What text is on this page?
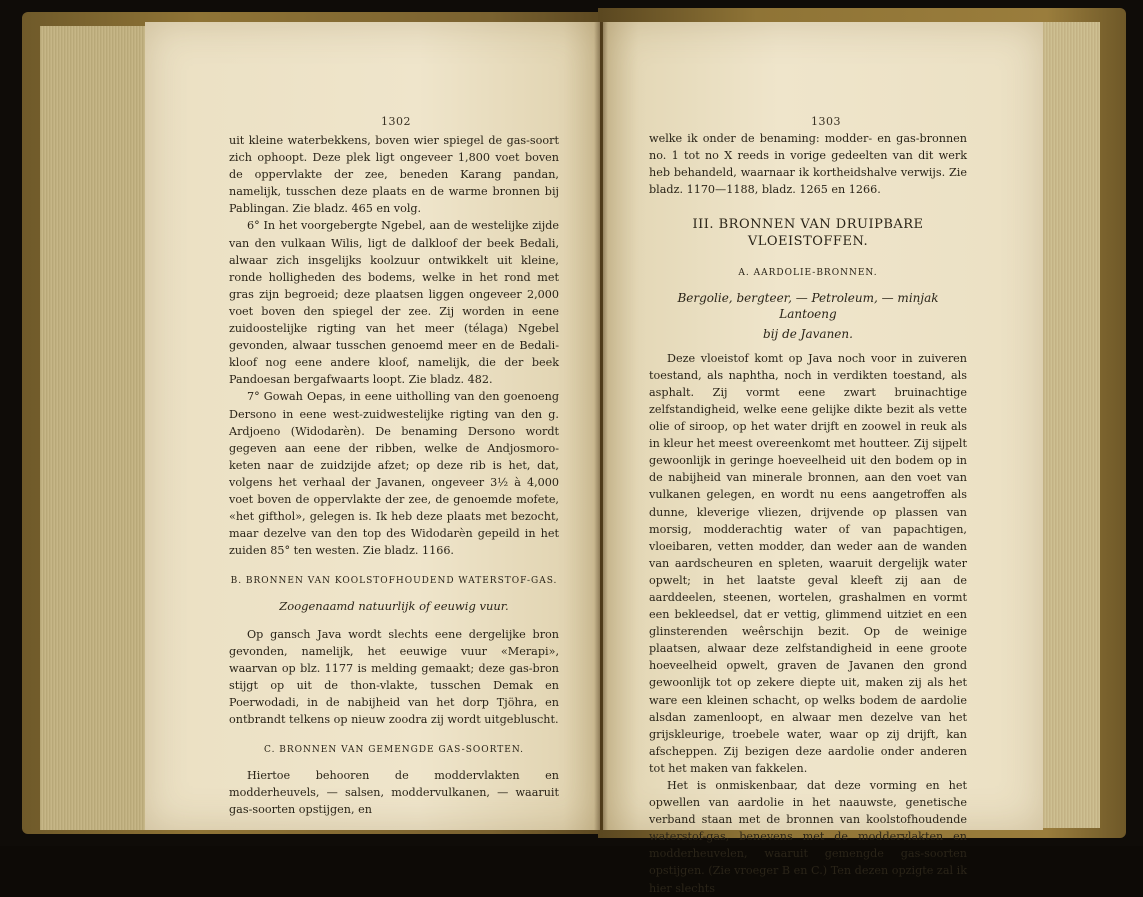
1302

uit kleine waterbekkens, boven wier spiegel de gas-soort zich ophoopt. Deze plek ligt ongeveer 1,800 voet boven de oppervlakte der zee, beneden Karang pandan, namelijk, tusschen deze plaats en de warme bronnen bij Pablingan. Zie bladz. 465 en volg.

6° In het voorgebergte Ngebel, aan de westelijke zijde van den vulkaan Wilis, ligt de dalkloof der beek Bedali, alwaar zich insgelijks koolzuur ontwikkelt uit kleine, ronde holligheden des bodems, welke in het rond met gras zijn begroeid; deze plaatsen liggen ongeveer 2,000 voet boven den spiegel der zee. Zij worden in eene zuidoostelijke rigting van het meer (télaga) Ngebel gevonden, alwaar tusschen genoemd meer en de Bedali-kloof nog eene andere kloof, namelijk, die der beek Pandoesan bergafwaarts loopt. Zie bladz. 482.

7° Gowah Oepas, in eene uitholling van den goenoeng Dersono in eene west-zuidwestelijke rigting van den g. Ardjoeno (Widodarèn). De benaming Dersono wordt gegeven aan eene der ribben, welke de Andjosmoro-keten naar de zuidzijde afzet; op deze rib is het, dat, volgens het verhaal der Javanen, ongeveer 3½ à 4,000 voet boven de oppervlakte der zee, de genoemde mofete, «het gifthol», gelegen is. Ik heb deze plaats met bezocht, maar dezelve van den top des Widodarèn gepeild in het zuiden 85° ten westen. Zie bladz. 1166.

B. BRONNEN VAN KOOLSTOFHOUDEND WATERSTOF-GAS.
Zoogenaamd natuurlijk of eeuwig vuur.

Op gansch Java wordt slechts eene dergelijke bron gevonden, namelijk, het eeuwige vuur «Merapi», waarvan op blz. 1177 is melding gemaakt; deze gas-bron stijgt op uit de thon-vlakte, tusschen Demak en Poerwodadi, in de nabijheid van het dorp Tjöhra, en ontbrandt telkens op nieuw zoodra zij wordt uitgebluscht.

C. BRONNEN VAN GEMENGDE GAS-SOORTEN.

Hiertoe behooren de moddervlakten en modderheuvels, — salsen, moddervulkanen, — waaruit gas-soorten opstijgen, en

1303

welke ik onder de benaming: modder- en gas-bronnen no. 1 tot no X reeds in vorige gedeelten van dit werk heb behandeld, waarnaar ik kortheidshalve verwijs. Zie bladz. 1170—1188, bladz. 1265 en 1266.

III. BRONNEN VAN DRUIPBARE VLOEISTOFFEN.
A. AARDOLIE-BRONNEN.
Bergolie, bergteer, — Petroleum, — minjak Lantoeng
bij de Javanen.

Deze vloeistof komt op Java noch voor in zuiveren toestand, als naphtha, noch in verdikten toestand, als asphalt. Zij vormt eene zwart bruinachtige zelfstandigheid, welke eene gelijke dikte bezit als vette olie of siroop, op het water drijft en zoowel in reuk als in kleur het meest overeenkomt met houtteer. Zij sijpelt gewoonlijk in geringe hoeveelheid uit den bodem op in de nabijheid van minerale bronnen, aan den voet van vulkanen gelegen, en wordt nu eens aangetroffen als dunne, kleverige vliezen, drijvende op plassen van morsig, modderachtig water of van papachtigen, vloeibaren, vetten modder, dan weder aan de wanden van aardscheuren en spleten, waaruit dergelijk water opwelt; in het laatste geval kleeft zij aan de aarddeelen, steenen, wortelen, grashalmen en vormt een bekleedsel, dat er vettig, glimmend uitziet en een glinsterenden weêrschijn bezit. Op de weinige plaatsen, alwaar deze zelfstandigheid in eene groote hoeveelheid opwelt, graven de Javanen den grond gewoonlijk tot op zekere diepte uit, maken zij als het ware een kleinen schacht, op welks bodem de aardolie alsdan zamenloopt, en alwaar men dezelve van het grijskleurige, troebele water, waar op zij drijft, kan afscheppen. Zij bezigen deze aardolie onder anderen tot het maken van fakkelen.

Het is onmiskenbaar, dat deze vorming en het opwellen van aardolie in het naauwste, genetische verband staan met de bronnen van koolstofhoudende waterstof-gas, benevens met de moddervlakten en modderheuvelen, waaruit gemengde gas-soorten opstijgen. (Zie vroeger B en C.) Ten dezen opzigte zal ik hier slechts
